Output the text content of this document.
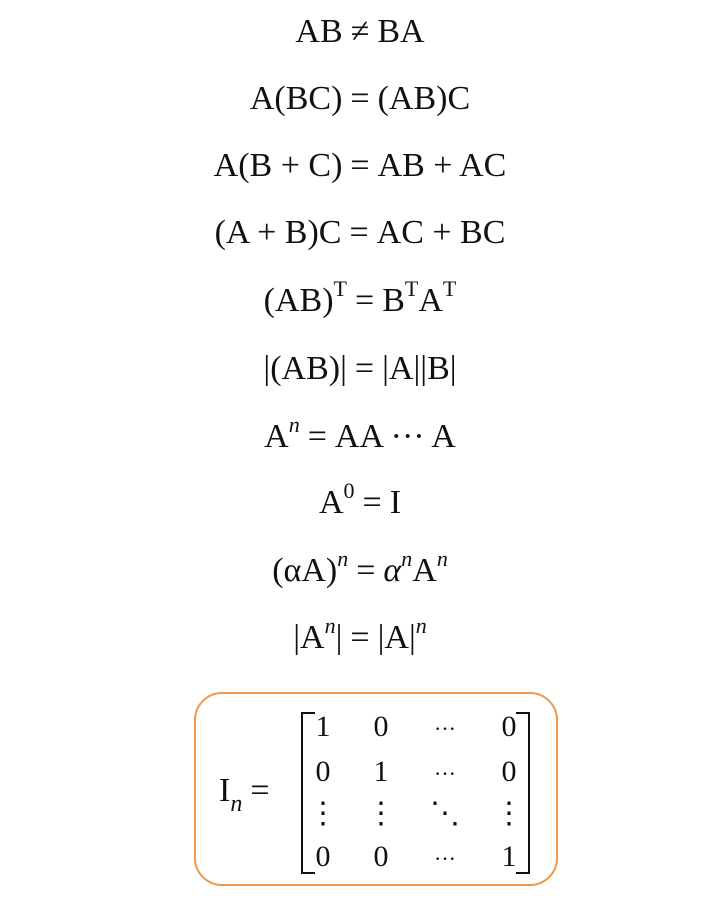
AB ≠ BA
A(BC) = (AB)C
A(B + C) = AB + AC
(A + B)C = AC + BC
$(AB)^T = B^TA^T$
|(AB)| = |A||B|
$A^n$ = AA ··· A
$A^0 = I$
$(\alpha A)^n = \alpha^nA^n$
$|A^n| = |A|^n$
$I_n$ =
1	0	···	0
0	1	···	0
⋮ ⋮ ⋱ ⋮
0	0	···	1
